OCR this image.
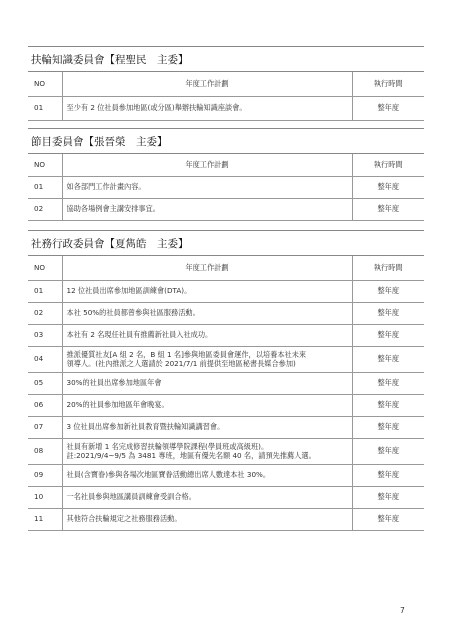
扶輪知識委員會【程聖民　主委】
NO	年度工作計劃	執行時間
01	至少有 2 位社員參加地區(或分區)舉辦扶輪知識座談會。	整年度
節目委員會【張晉榮　主委】
NO	年度工作計劃	執行時間
01	如各部門工作計畫內容。	整年度
02	協助各場例會主講安排事宜。	整年度
社務行政委員會【夏雋皓　主委】
NO	年度工作計劃	執行時間
01	12 位社員出席參加地區訓練會(DTA)。	整年度
02	本社 50%的社員都曾參與社區服務活動。	整年度
03	本社有 2 名現任社員有推薦新社員入社成功。	整年度
04	推派優質社友[A 組 2 名，B 組 1 名]參與地區委員會運作，以培養本社未來
領導人。(社內推派之人選請於 2021/7/1 前提供至地區秘書長媒合參加)	整年度
05	30%的社員出席參加地區年會	整年度
06	20%的社員參加地區年會晚宴。	整年度
07	3 位社員出席參加新社員教育暨扶輪知識講習會。	整年度
08	社員有新增 1 名完成修習扶輪領導學院課程(學員班或高級班)。
註:2021/9/4~9/5 為 3481 專班，地區有優先名額 40 名，請預先推薦人選。	整年度
09	社員(含寶眷)參與各場次地區寶眷活動總出席人數達本社 30%。	整年度
10	一名社員參與地區講員訓練會受訓合格。	整年度
11	其他符合扶輪規定之社務服務活動。	整年度
7
